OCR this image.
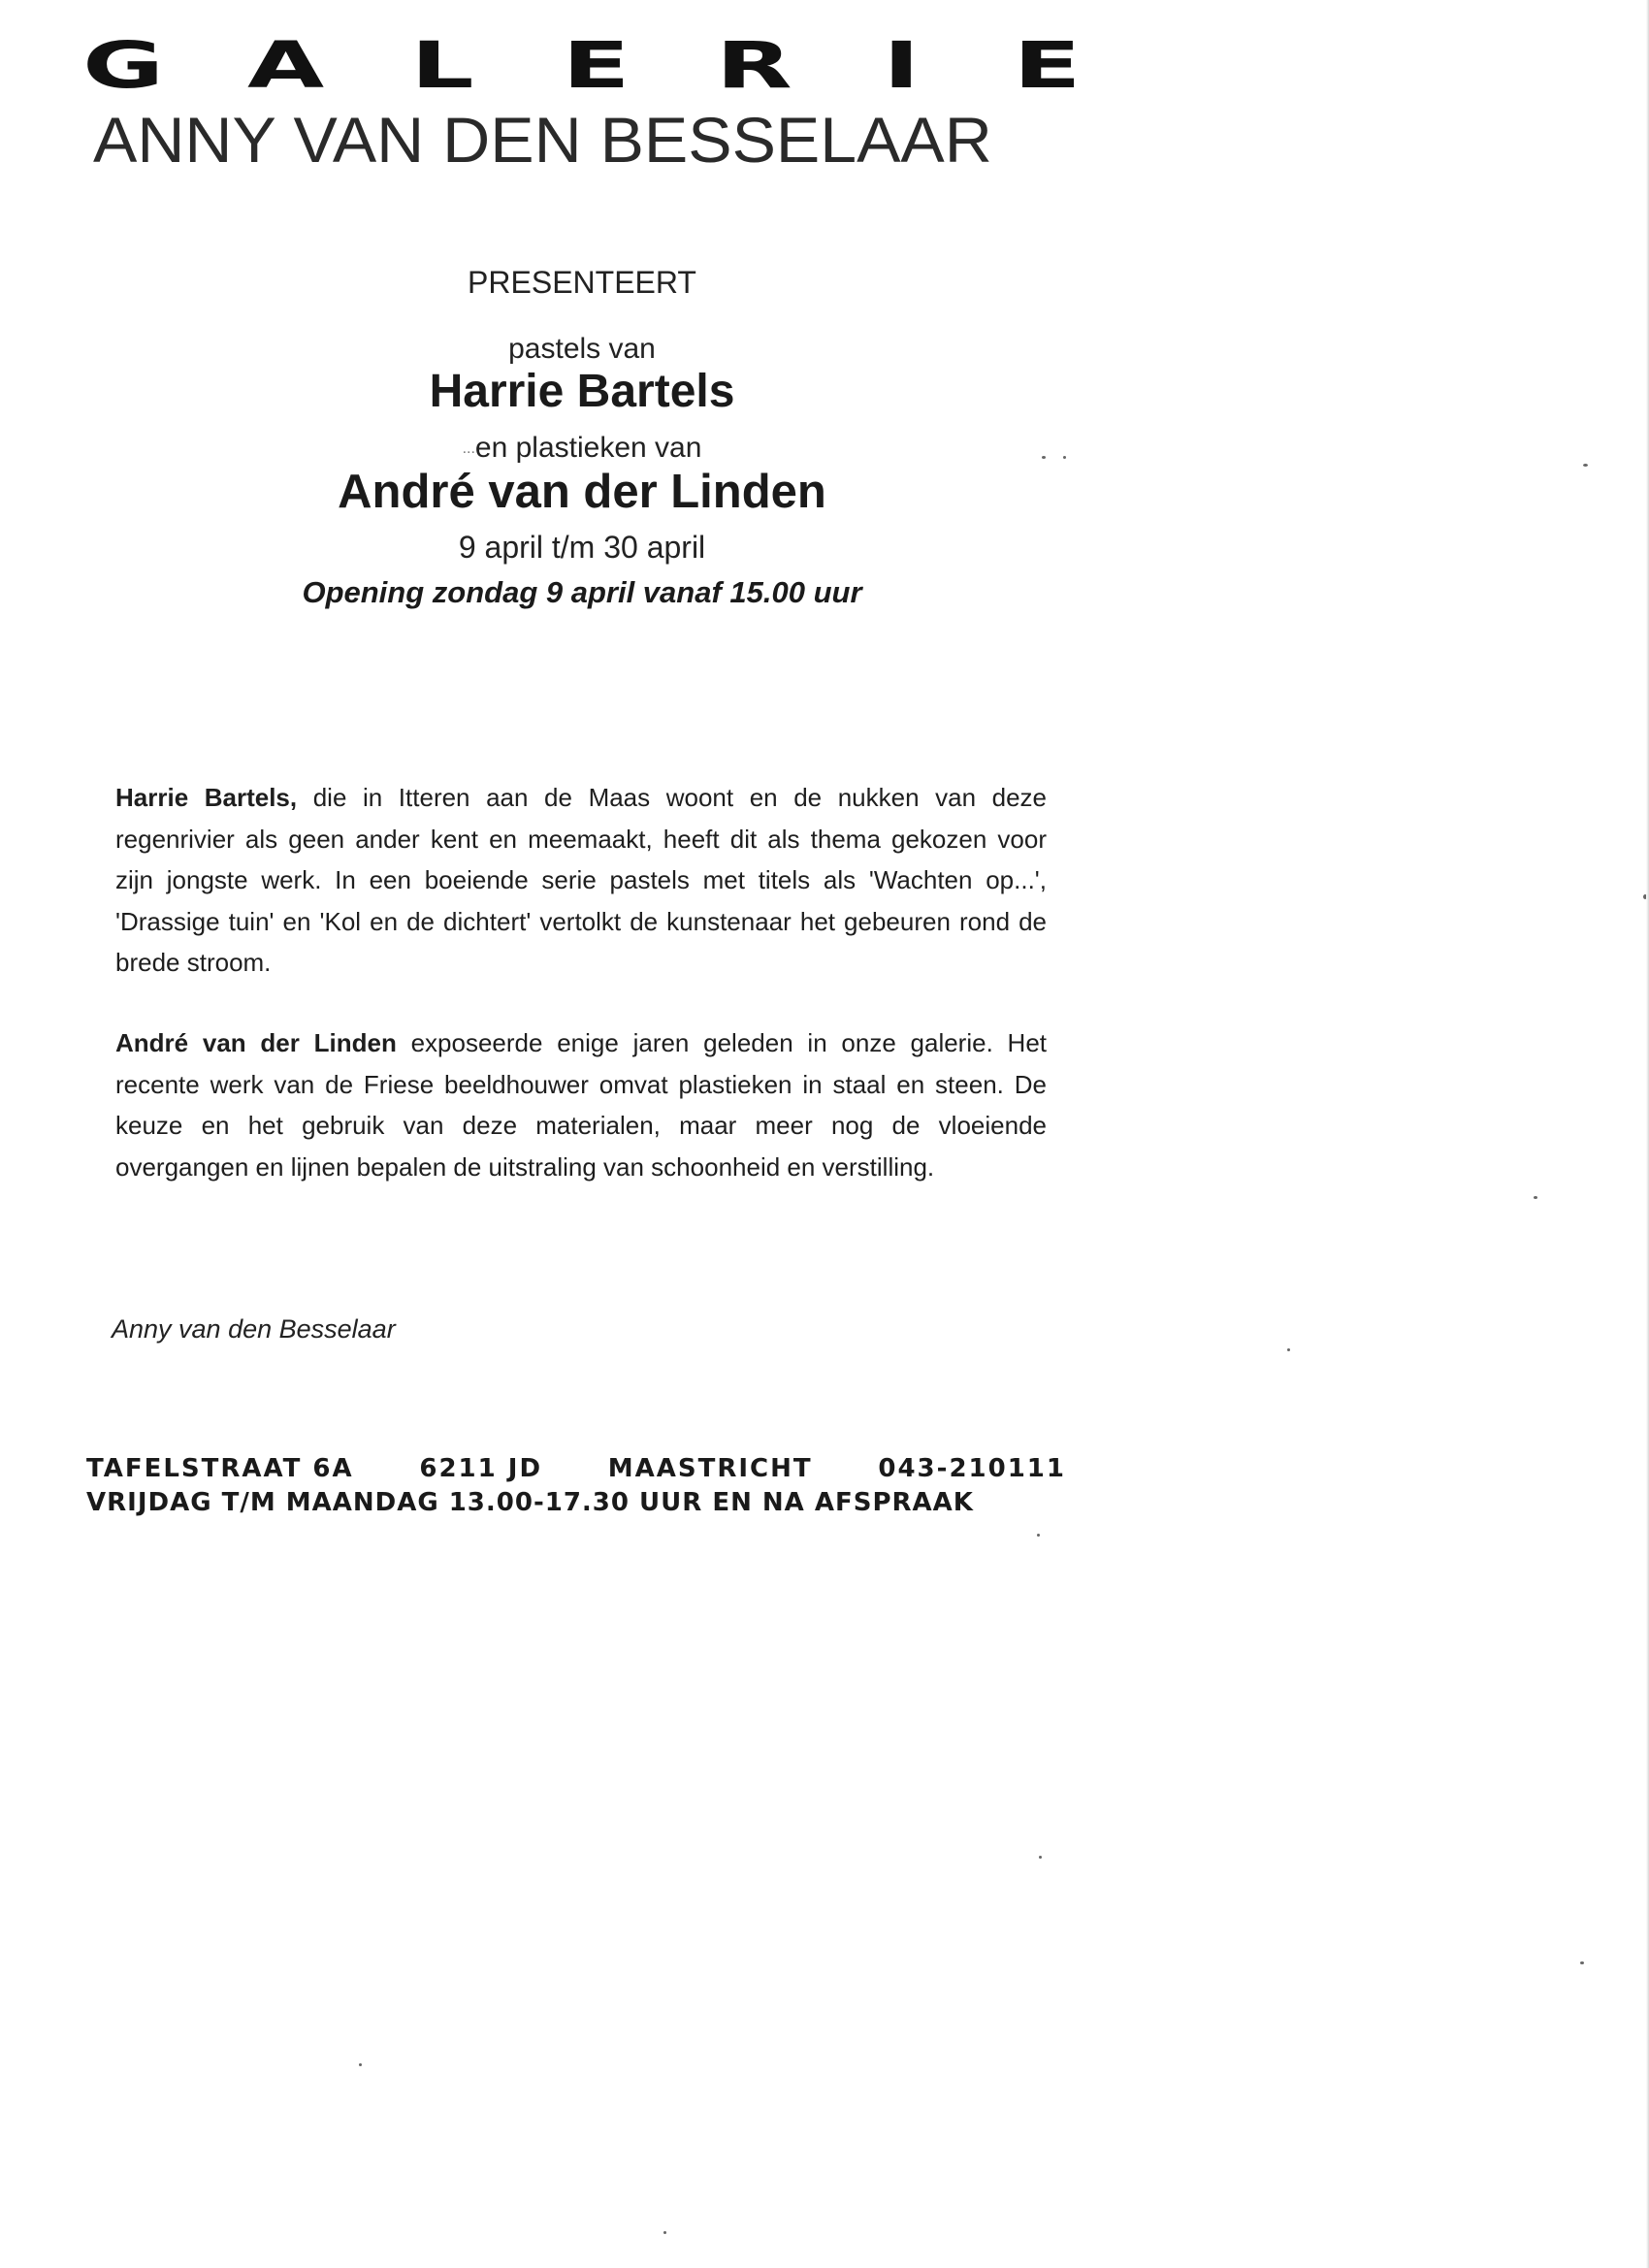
G A L E R I E
ANNY VAN DEN BESSELAAR
PRESENTEERT
pastels van
Harrie Bartels
...en plastieken van
André van der Linden
9 april t/m 30 april
Opening zondag 9 april vanaf 15.00 uur
Harrie Bartels, die in Itteren aan de Maas woont en de nukken van deze
regenrivier als geen ander kent en meemaakt, heeft dit als thema gekozen voor
zijn jongste werk. In een boeiende serie pastels met titels als 'Wachten op...',
'Drassige tuin' en 'Kol en de dichtert' vertolkt de kunstenaar het gebeuren rond de
brede stroom.
André van der Linden exposeerde enige jaren geleden in onze galerie. Het
recente werk van de Friese beeldhouwer omvat plastieken in staal en steen. De
keuze en het gebruik van deze materialen, maar meer nog de vloeiende
overgangen en lijnen bepalen de uitstraling van schoonheid en verstilling.
Anny van den Besselaar
TAFELSTRAAT 6A	6211 JD	MAASTRICHT	043-210111
VRIJDAG T/M MAANDAG 13.00-17.30 UUR EN NA AFSPRAAK
